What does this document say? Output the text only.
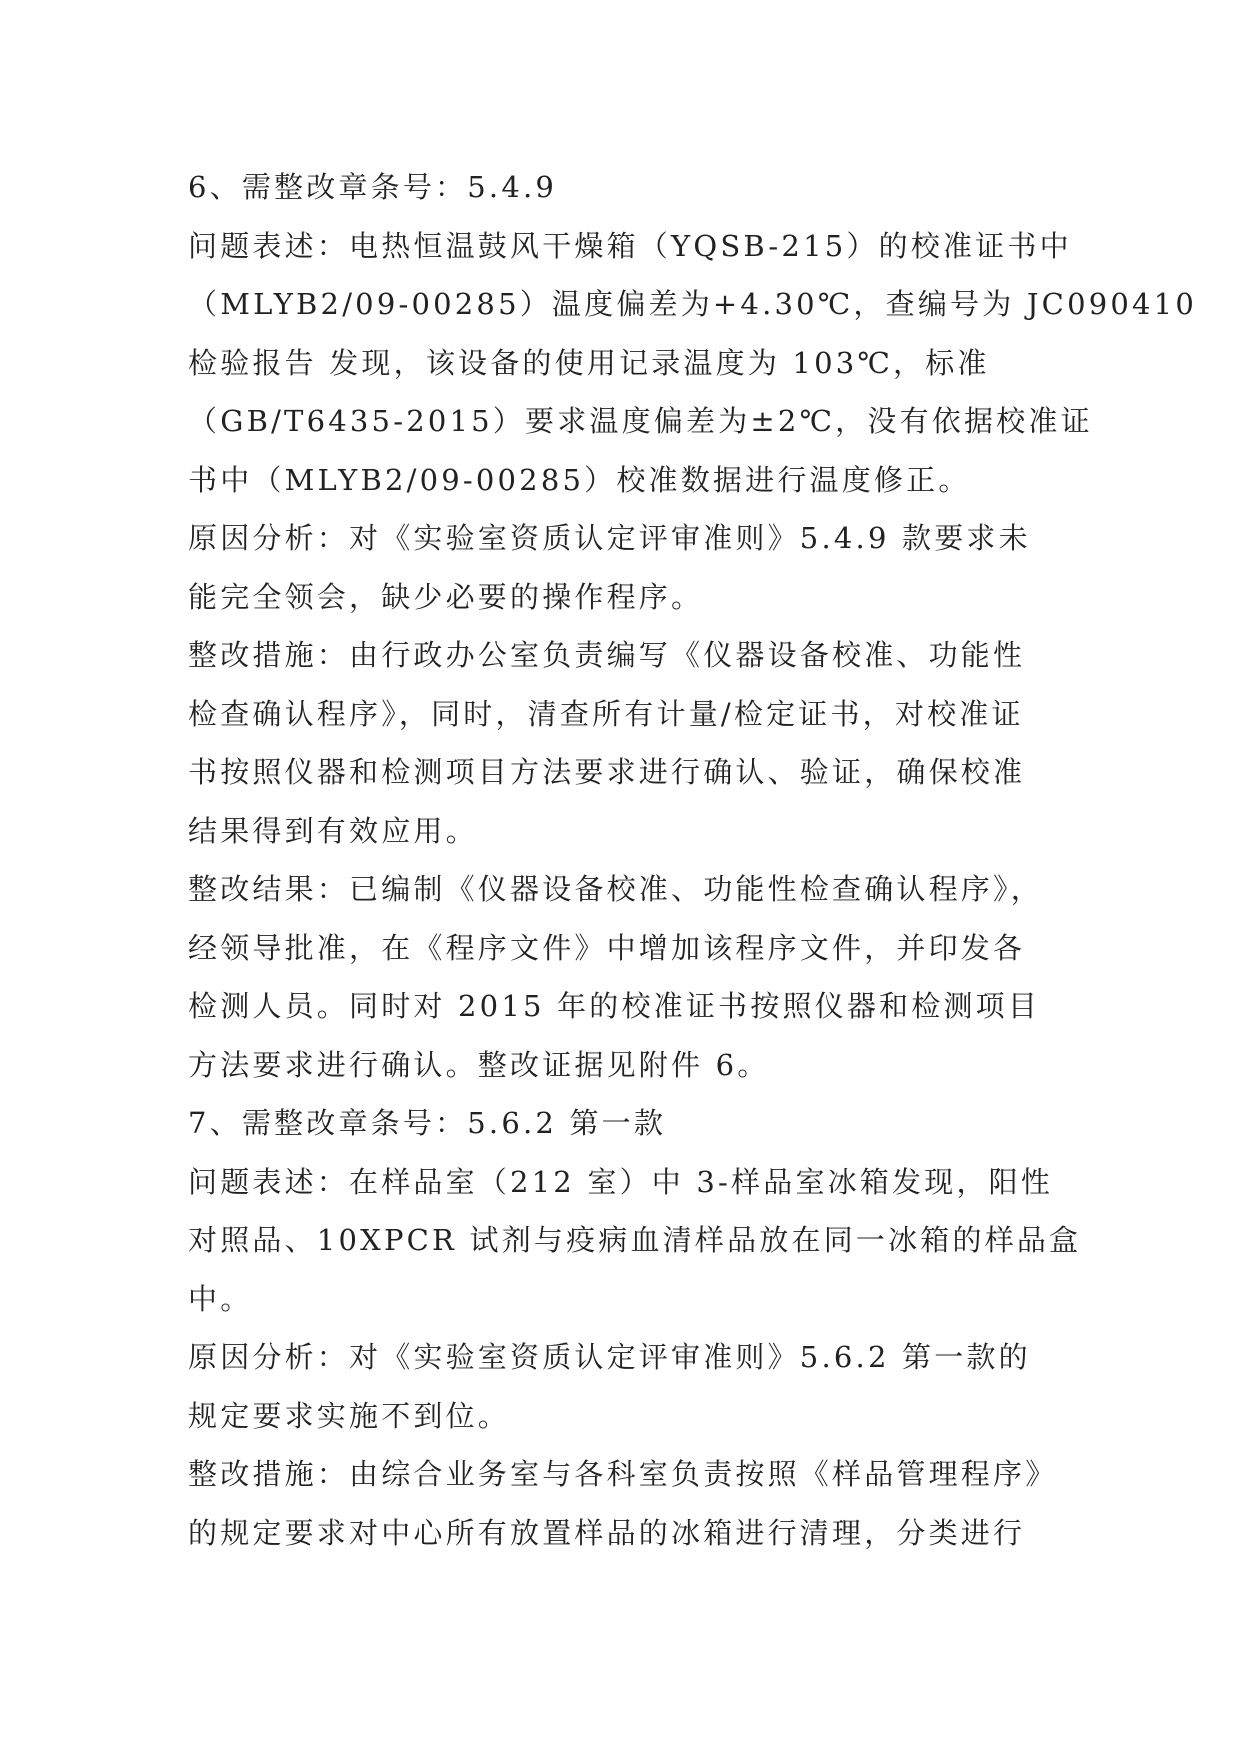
6、需整改章条号：5.4.9
问题表述：电热恒温鼓风干燥箱（YQSB-215）的校准证书中
（MLYB2/09-00285）温度偏差为+4.30℃，查编号为 JC090410
检验报告 发现，该设备的使用记录温度为 103℃，标准
（GB/T6435-2015）要求温度偏差为±2℃，没有依据校准证
书中（MLYB2/09-00285）校准数据进行温度修正。
原因分析：对《实验室资质认定评审准则》5.4.9 款要求未
能完全领会，缺少必要的操作程序。
整改措施：由行政办公室负责编写《仪器设备校准、功能性
检查确认程序》，同时，清查所有计量/检定证书，对校准证
书按照仪器和检测项目方法要求进行确认、验证，确保校准
结果得到有效应用。
整改结果：已编制《仪器设备校准、功能性检查确认程序》，
经领导批准，在《程序文件》中增加该程序文件，并印发各
检测人员。同时对 2015 年的校准证书按照仪器和检测项目
方法要求进行确认。整改证据见附件 6。
7、需整改章条号：5.6.2 第一款
问题表述：在样品室（212 室）中 3-样品室冰箱发现，阳性
对照品、10XPCR 试剂与疫病血清样品放在同一冰箱的样品盒
中。
原因分析：对《实验室资质认定评审准则》5.6.2 第一款的
规定要求实施不到位。
整改措施：由综合业务室与各科室负责按照《样品管理程序》
的规定要求对中心所有放置样品的冰箱进行清理，分类进行
